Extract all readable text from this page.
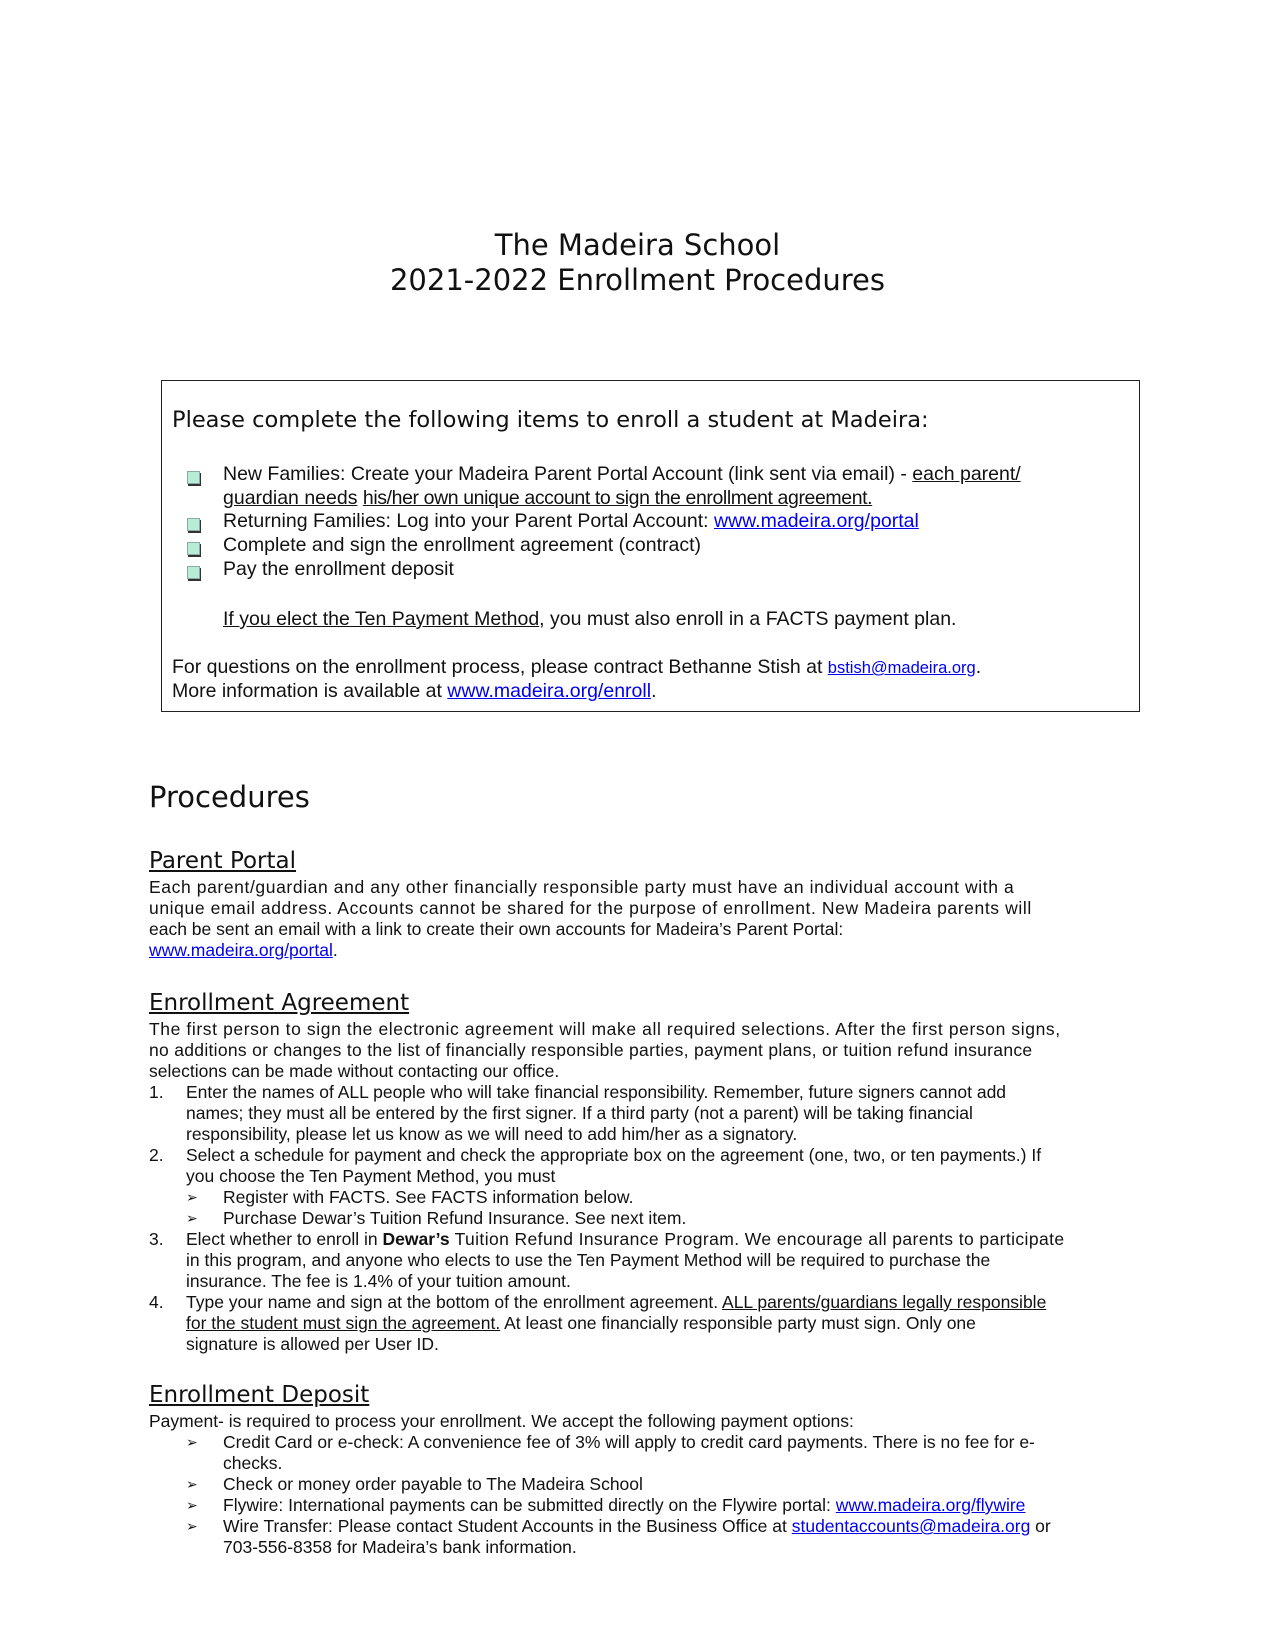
The Madeira School
2021-2022 Enrollment Procedures
Please complete the following items to enroll a student at Madeira:
New Families: Create your Madeira Parent Portal Account (link sent via email) - each parent/
guardian needs his/her own unique account to sign the enrollment agreement.
Returning Families: Log into your Parent Portal Account: www.madeira.org/portal
Complete and sign the enrollment agreement (contract)
Pay the enrollment deposit
If you elect the Ten Payment Method, you must also enroll in a FACTS payment plan.
For questions on the enrollment process, please contract Bethanne Stish at bstish@madeira.org.
More information is available at www.madeira.org/enroll.
Procedures
Parent Portal
Each parent/guardian and any other financially responsible party must have an individual account with a
unique email address. Accounts cannot be shared for the purpose of enrollment. New Madeira parents will
each be sent an email with a link to create their own accounts for Madeira’s Parent Portal:
www.madeira.org/portal.
Enrollment Agreement
The first person to sign the electronic agreement will make all required selections. After the first person signs,
no additions or changes to the list of financially responsible parties, payment plans, or tuition refund insurance
selections can be made without contacting our office.
1. Enter the names of ALL people who will take financial responsibility. Remember, future signers cannot add
names; they must all be entered by the first signer. If a third party (not a parent) will be taking financial
responsibility, please let us know as we will need to add him/her as a signatory.
2. Select a schedule for payment and check the appropriate box on the agreement (one, two, or ten payments.) If
you choose the Ten Payment Method, you must
➢ Register with FACTS. See FACTS information below.
➢ Purchase Dewar’s Tuition Refund Insurance. See next item.
3. Elect whether to enroll in Dewar’s Tuition Refund Insurance Program. We encourage all parents to participate
in this program, and anyone who elects to use the Ten Payment Method will be required to purchase the
insurance. The fee is 1.4% of your tuition amount.
4. Type your name and sign at the bottom of the enrollment agreement. ALL parents/guardians legally responsible
for the student must sign the agreement. At least one financially responsible party must sign. Only one
signature is allowed per User ID.
Enrollment Deposit
Payment- is required to process your enrollment. We accept the following payment options:
➢ Credit Card or e-check: A convenience fee of 3% will apply to credit card payments. There is no fee for e-
checks.
➢ Check or money order payable to The Madeira School
➢ Flywire: International payments can be submitted directly on the Flywire portal: www.madeira.org/flywire
➢ Wire Transfer: Please contact Student Accounts in the Business Office at studentaccounts@madeira.org or
703-556-8358 for Madeira’s bank information.
